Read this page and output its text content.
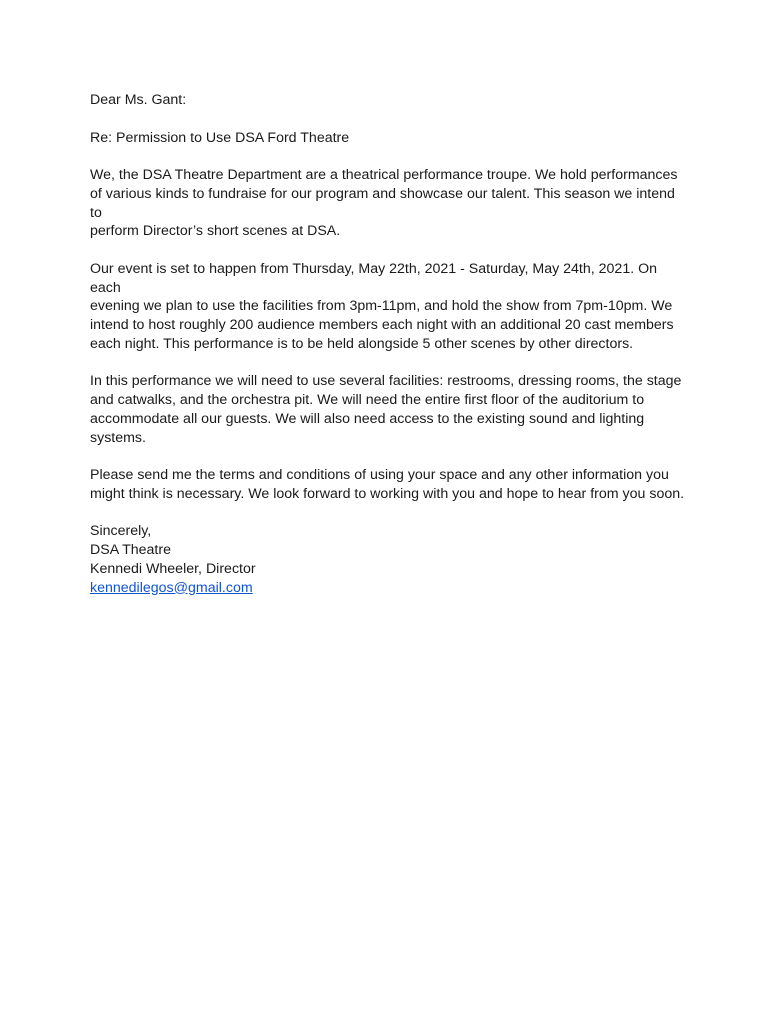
Dear Ms. Gant:

Re: Permission to Use DSA Ford Theatre

We, the DSA Theatre Department are a theatrical performance troupe. We hold performances

of various kinds to fundraise for our program and showcase our talent. This season we intend to

perform Director’s short scenes at DSA.

Our event is set to happen from Thursday, May 22th, 2021 - Saturday, May 24th, 2021. On each

evening we plan to use the facilities from 3pm-11pm, and hold the show from 7pm-10pm. We

intend to host roughly 200 audience members each night with an additional 20 cast members

each night. This performance is to be held alongside 5 other scenes by other directors.

In this performance we will need to use several facilities: restrooms, dressing rooms, the stage

and catwalks, and the orchestra pit. We will need the entire first floor of the auditorium to

accommodate all our guests. We will also need access to the existing sound and lighting

systems.

Please send me the terms and conditions of using your space and any other information you

might think is necessary. We look forward to working with you and hope to hear from you soon.

Sincerely,

DSA Theatre

Kennedi Wheeler, Director

kennedilegos@gmail.com
